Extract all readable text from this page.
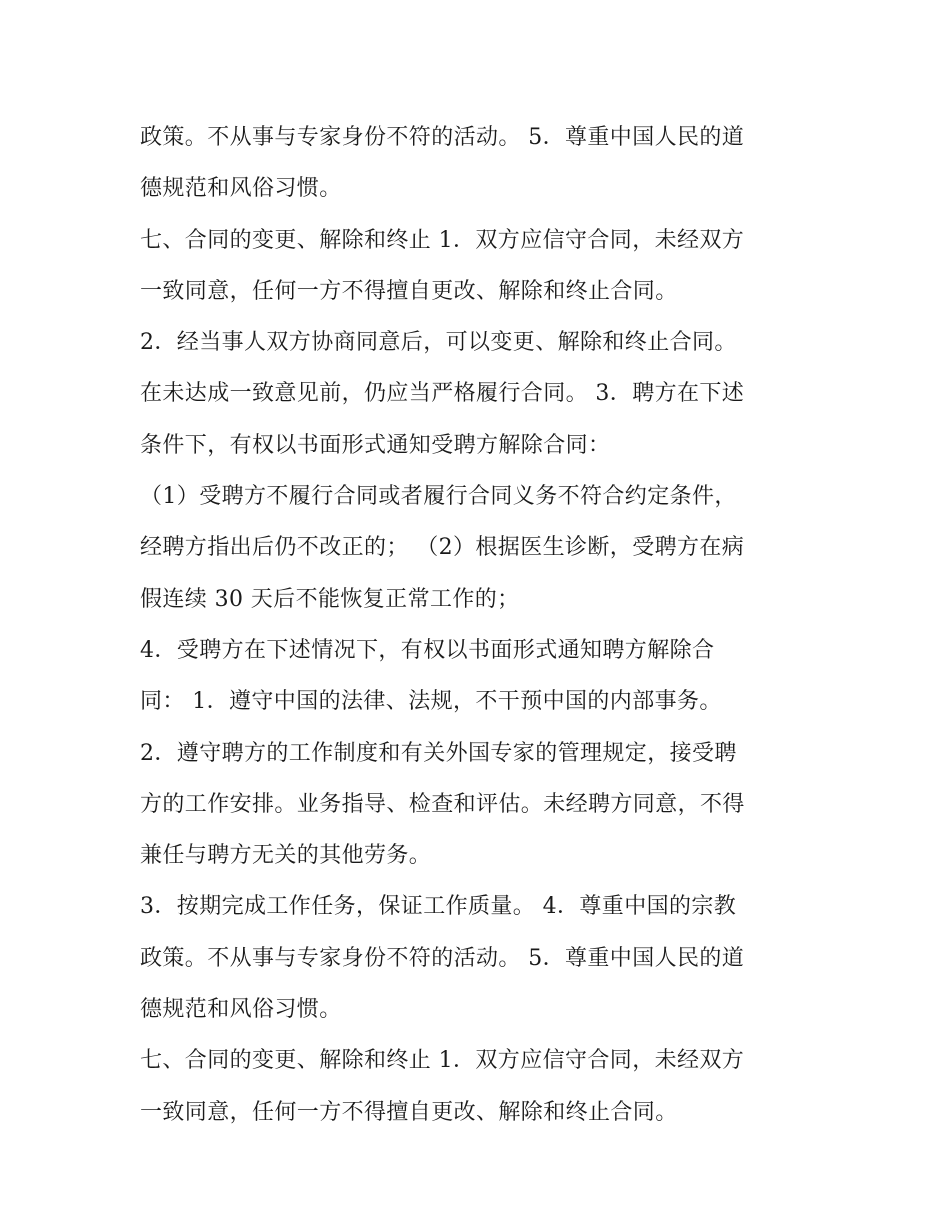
政策。不从事与专家身份不符的活动。 5．尊重中国人民的道
德规范和风俗习惯。
七、合同的变更、解除和终止 1．双方应信守合同，未经双方
一致同意，任何一方不得擅自更改、解除和终止合同。
2．经当事人双方协商同意后，可以变更、解除和终止合同。
在未达成一致意见前，仍应当严格履行合同。 3．聘方在下述
条件下，有权以书面形式通知受聘方解除合同：
（1）受聘方不履行合同或者履行合同义务不符合约定条件，
经聘方指出后仍不改正的； （2）根据医生诊断，受聘方在病
假连续 30 天后不能恢复正常工作的；
4．受聘方在下述情况下，有权以书面形式通知聘方解除合
同： 1．遵守中国的法律、法规，不干预中国的内部事务。
2．遵守聘方的工作制度和有关外国专家的管理规定，接受聘
方的工作安排。业务指导、检查和评估。未经聘方同意，不得
兼任与聘方无关的其他劳务。
3．按期完成工作任务，保证工作质量。 4．尊重中国的宗教
政策。不从事与专家身份不符的活动。 5．尊重中国人民的道
德规范和风俗习惯。
七、合同的变更、解除和终止 1．双方应信守合同，未经双方
一致同意，任何一方不得擅自更改、解除和终止合同。
